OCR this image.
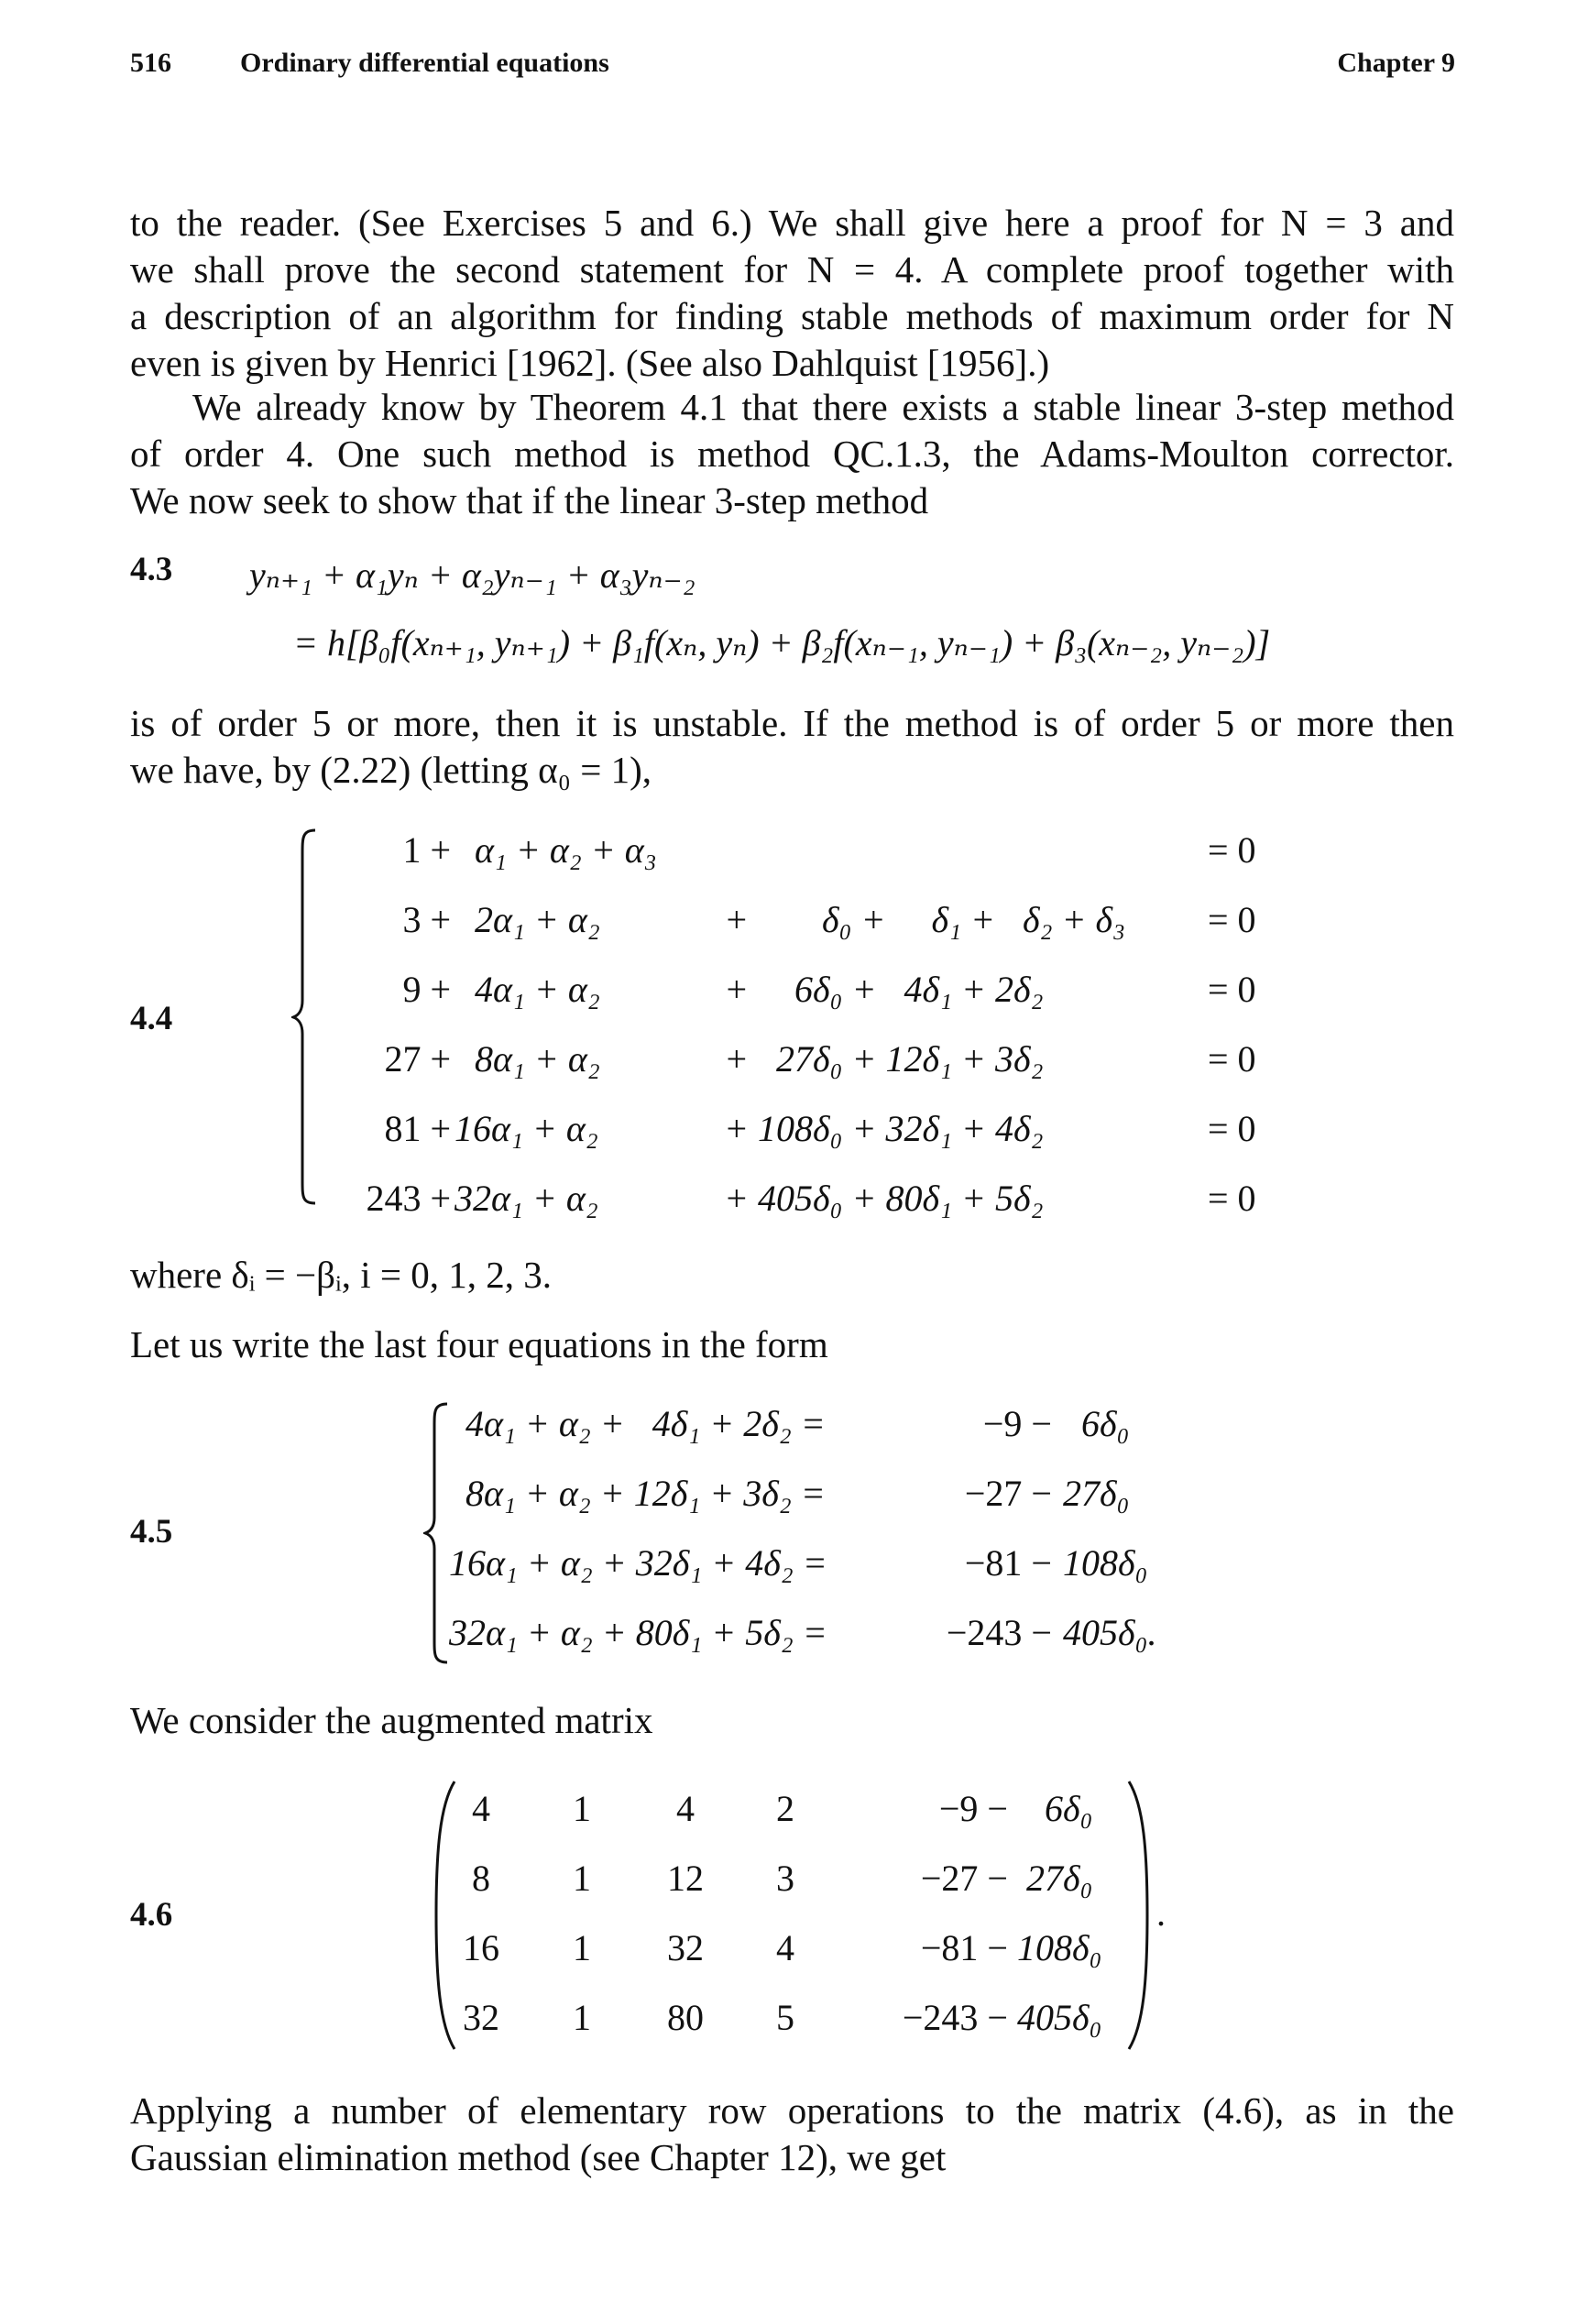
516	Ordinary differential equations	Chapter 9
to the reader. (See Exercises 5 and 6.) We shall give here a proof for N = 3 and
we shall prove the second statement for N = 4. A complete proof together with
a description of an algorithm for finding stable methods of maximum order for N
even is given by Henrici [1962]. (See also Dahlquist [1956].)
We already know by Theorem 4.1 that there exists a stable linear 3-step method
of order 4. One such method is method QC.1.3, the Adams-Moulton corrector.
We now seek to show that if the linear 3-step method
4.3 yₙ₊₁ + α₁yₙ + α₂yₙ₋₁ + α₃yₙ₋₂
= h[β₀f(xₙ₊₁, yₙ₊₁) + β₁f(xₙ, yₙ) + β₂f(xₙ₋₁, yₙ₋₁) + β₃(xₙ₋₂, yₙ₋₂)]
is of order 5 or more, then it is unstable. If the method is of order 5 or more then
we have, by (2.22) (letting α₀ = 1),
4.4
1 + α₁ + α₂ + α₃	= 0
3 + 2α₁ + α₂	+        δ₀ +     δ₁ +   δ₂ + δ₃ = 0
9 + 4α₁ + α₂	+     6δ₀ +   4δ₁ + 2δ₂	= 0
27 + 8α₁ + α₂	+   27δ₀ + 12δ₁ + 3δ₂	= 0
81 + 16α₁ + α₂	+ 108δ₀ + 32δ₁ + 4δ₂	= 0
243 + 32α₁ + α₂	+ 405δ₀ + 80δ₁ + 5δ₂	= 0
where δᵢ = −βᵢ, i = 0, 1, 2, 3.
Let us write the last four equations in the form
4.5
4α₁ + α₂ +   4δ₁ + 2δ₂ =	−9 − 6δ₀
8α₁ + α₂ + 12δ₁ + 3δ₂ =	−27 − 27δ₀
16α₁ + α₂ + 32δ₁ + 4δ₂ =	−81 − 108δ₀
32α₁ + α₂ + 80δ₁ + 5δ₂ =	−243 − 405δ₀.
We consider the augmented matrix
4.6
4	1	4	2	−9 − 6δ₀
8	1	12	3	−27 − 27δ₀
16	1	32	4	−81 − 108δ₀
32	1	80	5	−243 − 405δ₀
.
Applying a number of elementary row operations to the matrix (4.6), as in the
Gaussian elimination method (see Chapter 12), we get
